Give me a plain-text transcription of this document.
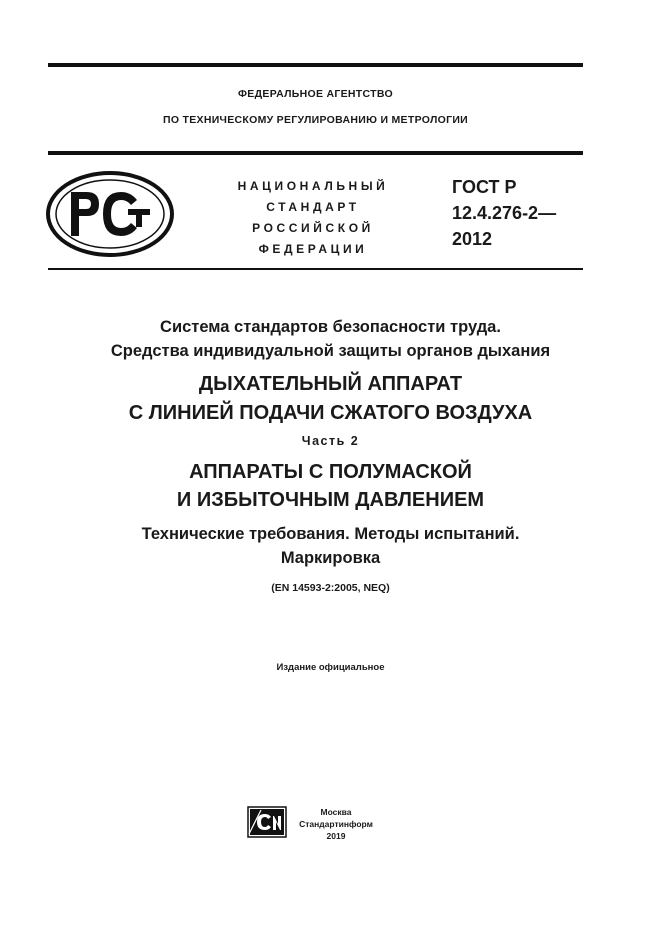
ФЕДЕРАЛЬНОЕ АГЕНТСТВО
ПО ТЕХНИЧЕСКОМУ РЕГУЛИРОВАНИЮ И МЕТРОЛОГИИ
НАЦИОНАЛЬНЫЙ
СТАНДАРТ
РОССИЙСКОЙ
ФЕДЕРАЦИИ
ГОСТ Р
12.4.276-2—
2012
Система стандартов безопасности труда.
Средства индивидуальной защиты органов дыхания
ДЫХАТЕЛЬНЫЙ АППАРАТ
С ЛИНИЕЙ ПОДАЧИ СЖАТОГО ВОЗДУХА
Часть 2
АППАРАТЫ С ПОЛУМАСКОЙ
И ИЗБЫТОЧНЫМ ДАВЛЕНИЕМ
Технические требования. Методы испытаний.
Маркировка
(EN 14593-2:2005, NEQ)
Издание официальное
Москва
Стандартинформ
2019
